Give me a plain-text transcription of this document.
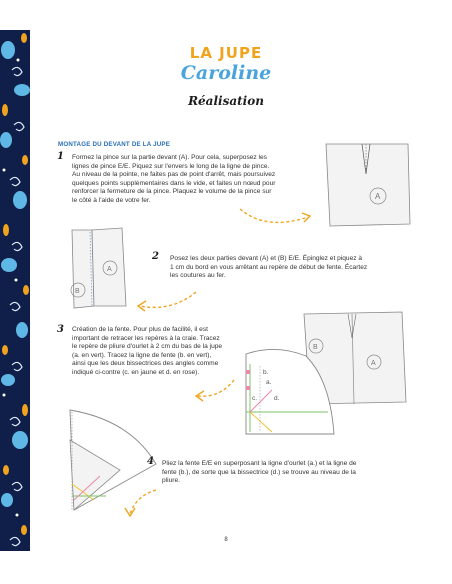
LA JUPE
Caroline
Réalisation
MONTAGE DU DEVANT DE LA JUPE
1 Formez la pince sur la partie devant (A). Pour cela, superposez les
lignes de pince E/E. Piquez sur l'envers le long de la ligne de pince.
Au niveau de la pointe, ne faites pas de point d'arrêt, mais poursuivez
quelques points supplémentaires dans le vide, et faites un nœud pour
renforcer la fermeture de la pince. Plaquez le volume de la pince sur
le côté à l'aide de votre fer.	A
A
B
2 Posez les deux parties devant (A) et (B) E/E. Épinglez et piquez à
1 cm du bord en vous arrêtant au repère de début de fente. Écartez
les coutures au fer.
3 Création de la fente. Pour plus de facilité, il est
important de retracer les repères à la craie. Tracez
le repère de pliure d'ourlet à 2 cm du bas de la jupe
(a. en vert). Tracez la ligne de fente (b. en vert),
ainsi que les deux bissectrices des angles comme
indiqué ci-contre (c. en jaune et d. en rose).
B
A
a.
b.
c.	d.
4 Pliez la fente E/E en superposant la ligne d'ourlet (a.) et la ligne de
fente (b.), de sorte que la bissectrice (d.) se trouve au niveau de la
pliure.
8
